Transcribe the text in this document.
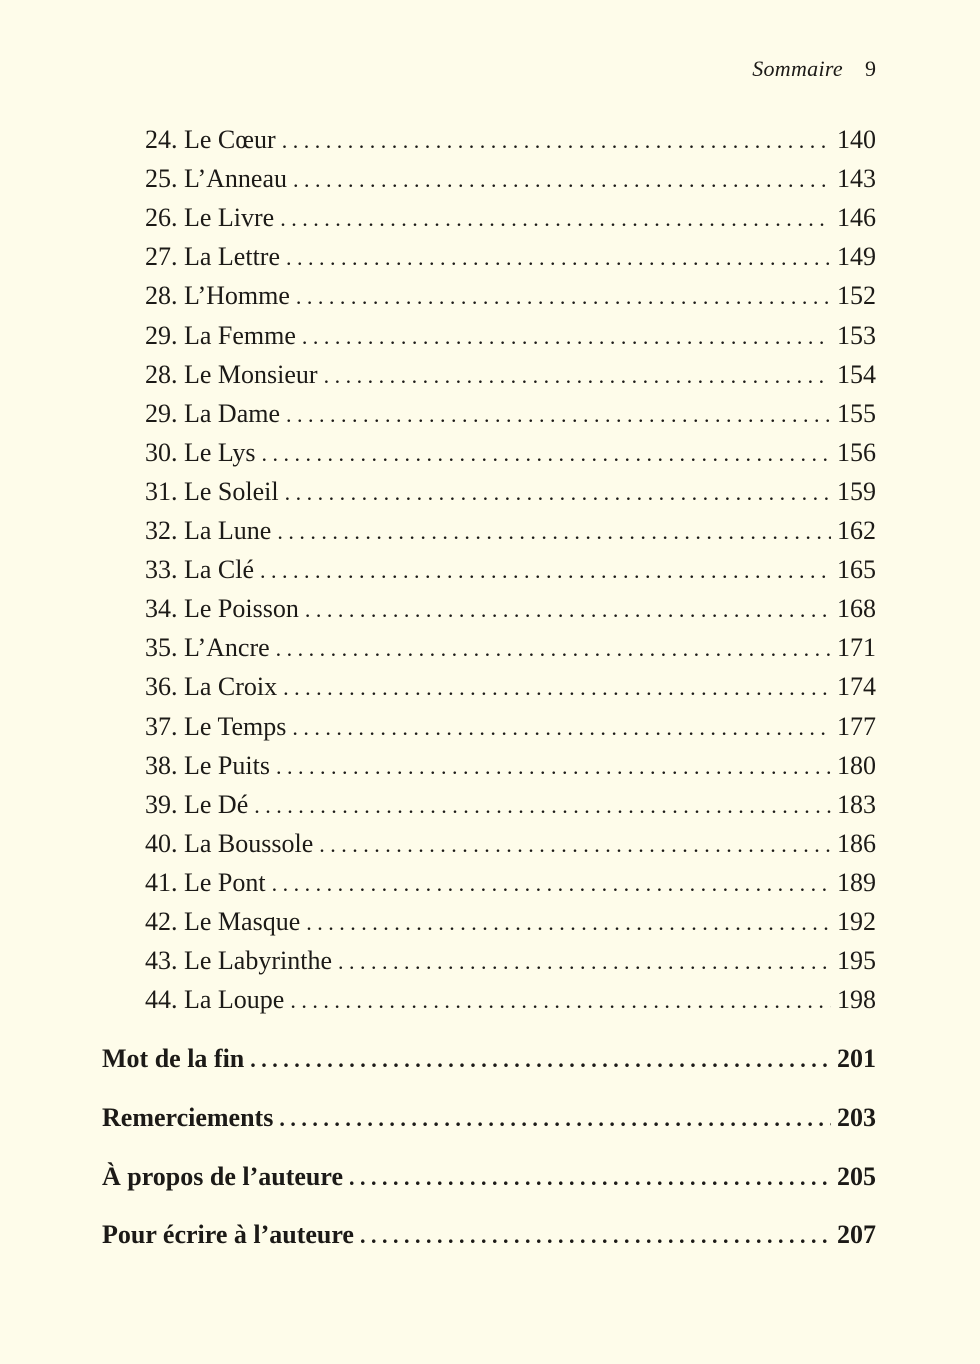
Sommaire 9
24. Le Cœur . . .	140
25. L’Anneau . . .	143
26. Le Livre . . .	146
27. La Lettre . . .	149
28. L’Homme . . .	152
29. La Femme . . .	153
28. Le Monsieur . . .	154
29. La Dame . . .	155
30. Le Lys . . .	156
31. Le Soleil . . .	159
32. La Lune . . .	162
33. La Clé . . .	165
34. Le Poisson . . .	168
35. L’Ancre . . .	171
36. La Croix . . .	174
37. Le Temps . . .	177
38. Le Puits . . .	180
39. Le Dé . . .	183
40. La Boussole . . .	186
41. Le Pont . . .	189
42. Le Masque . . .	192
43. Le Labyrinthe . . .	195
44. La Loupe . . .	198
Mot de la fin . . .	201
Remerciements . . .	203
À propos de l’auteure . . .	205
Pour écrire à l’auteure . . .	207
